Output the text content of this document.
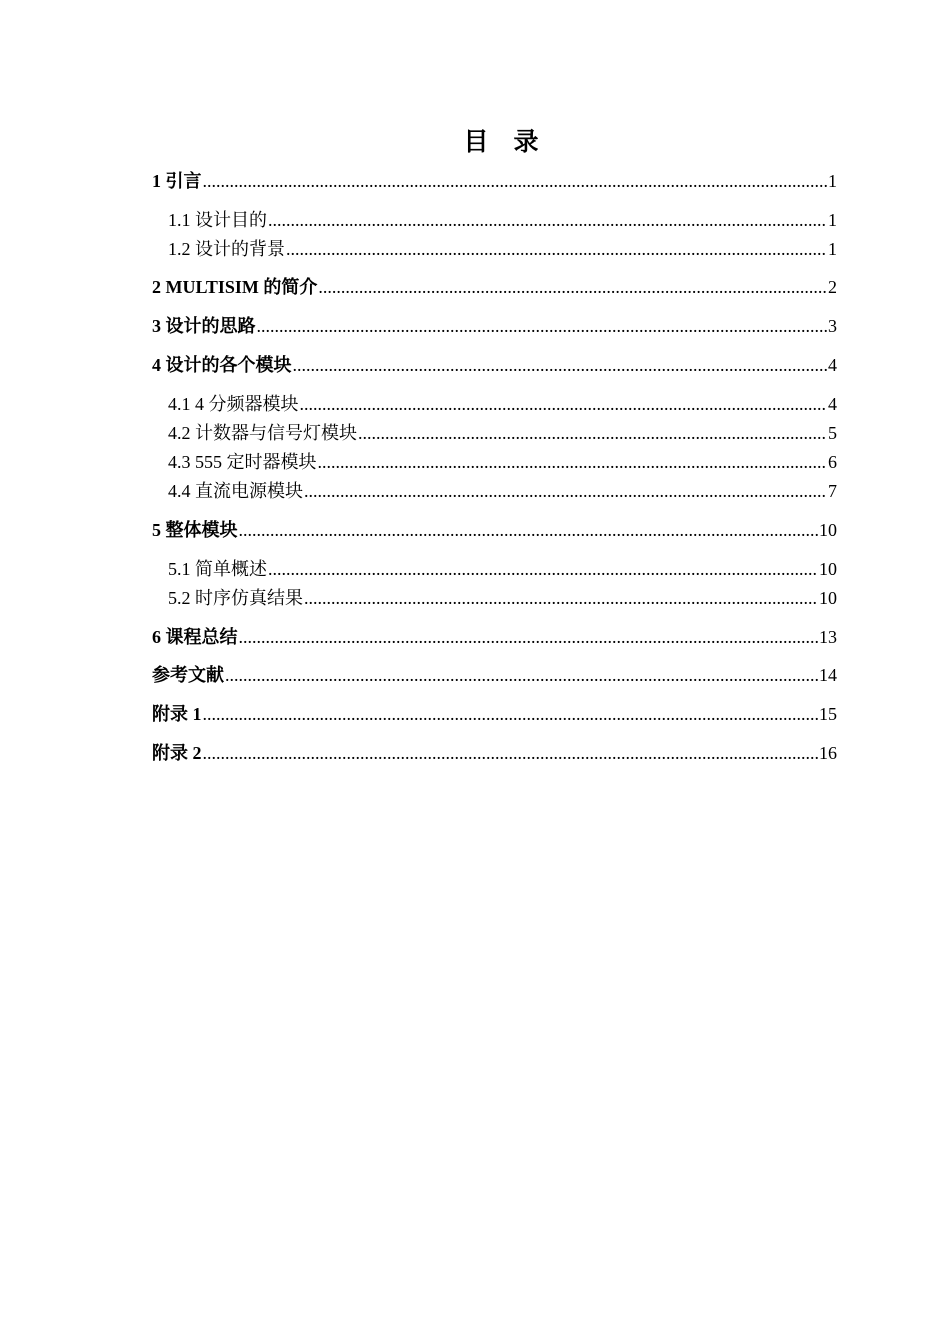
目　录
1 引言 .....	1
1.1 设计目的 .....	1
1.2 设计的背景 .....	1
2 MULTISIM 的简介 .....	2
3 设计的思路 .....	3
4 设计的各个模块 .....	4
4.1 4 分频器模块 .....	4
4.2 计数器与信号灯模块 .....	5
4.3 555 定时器模块 .....	6
4.4 直流电源模块 .....	7
5 整体模块 .....	10
5.1 简单概述 .....	10
5.2 时序仿真结果 .....	10
6 课程总结 .....	13
参考文献 .....	14
附录 1 .....	15
附录 2 .....	16
